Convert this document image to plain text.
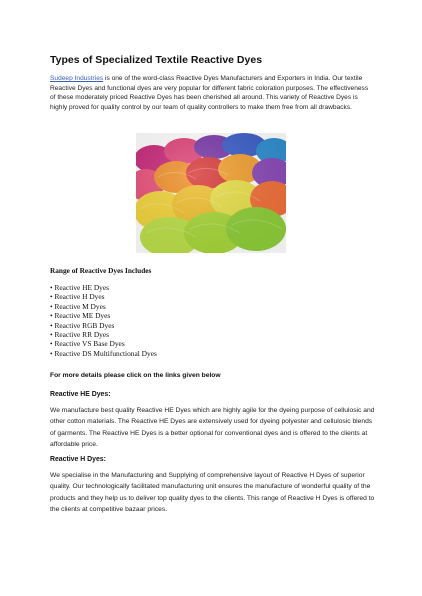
Types of Specialized Textile Reactive Dyes

Sudeep Industries is one of the word-class Reactive Dyes Manufacturers and Exporters in India. Our textile Reactive Dyes and functional dyes are very popular for different fabric coloration purposes. The effectiveness of these moderately priced Reactive Dyes has been cherished all around. This variety of Reactive Dyes is highly proved for quality control by our team of quality controllers to make them free from all drawbacks.

Range of Reactive Dyes Includes

• Reactive HE Dyes
• Reactive H Dyes
• Reactive M Dyes
• Reactive ME Dyes
• Reactive RGB Dyes
• Reactive RR Dyes
• Reactive VS Base Dyes
• Reactive DS Multifunctional Dyes

For more details please click on the links given below

Reactive HE Dyes:

We manufacture best quality Reactive HE Dyes which are highly agile for the dyeing purpose of cellulosic and other cotton materials. The Reactive HE Dyes are extensively used for dyeing polyester and cellulosic blends of garments. The Reactive HE Dyes is a better optional for conventional dyes and is offered to the clients at affordable price.

Reactive H Dyes:

We specialise in the Manufacturing and Supplying of comprehensive layout of Reactive H Dyes of superior quality. Our technologically facilitated manufacturing unit ensures the manufacture of wonderful quality of the products and they help us to deliver top quality dyes to the clients. This range of Reactive H Dyes is offered to the clients at competitive bazaar prices.
